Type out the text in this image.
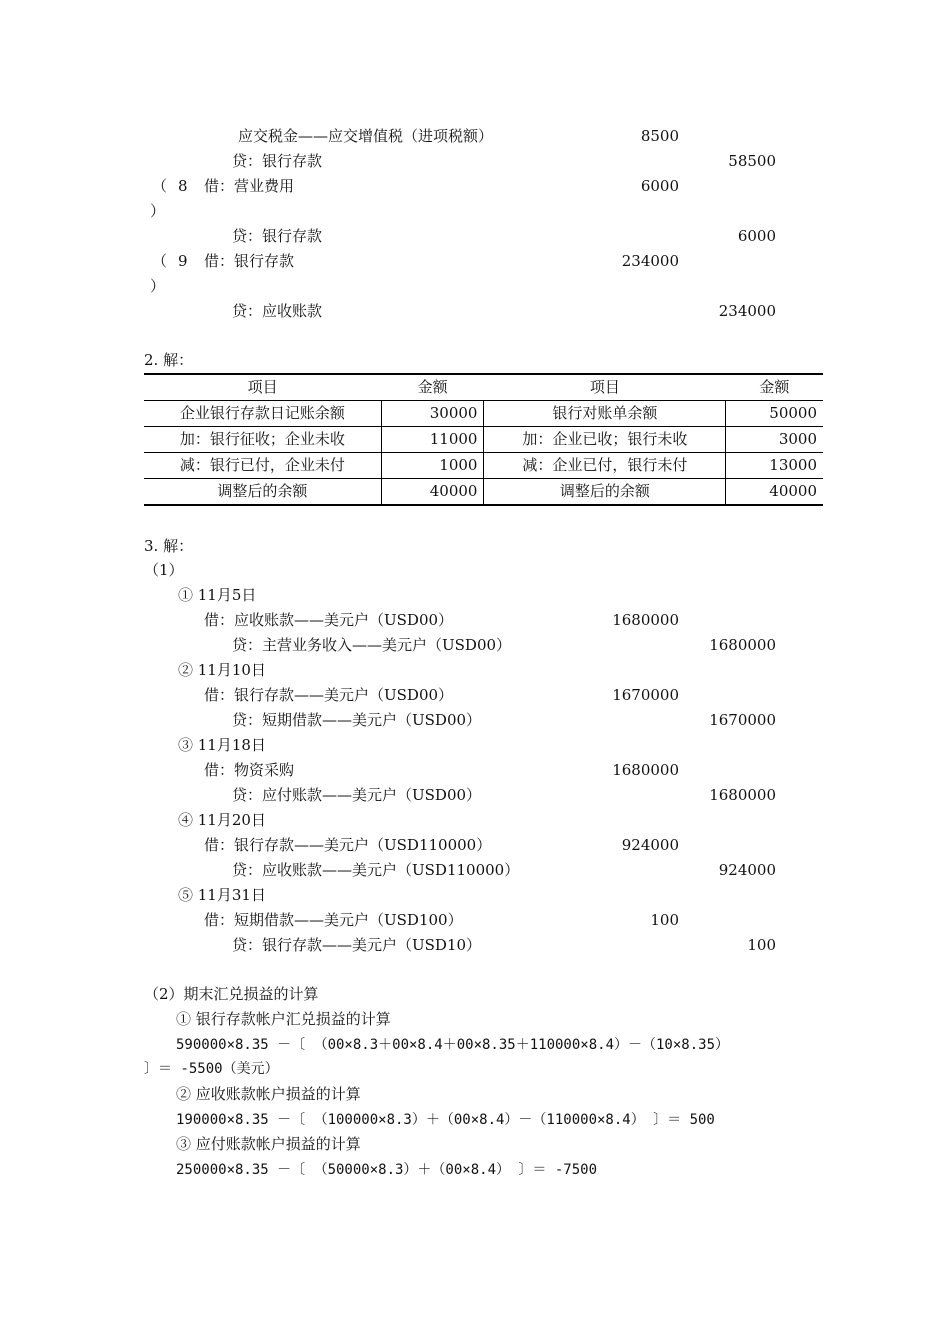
应交税金——应交增值税（进项税额）	8500
贷：银行存款	58500
（ 8
）
借：营业费用	6000
贷：银行存款	6000
（ 9
）
借：银行存款	234000
贷：应收账款	234000
2. 解：
项目	金额	项目	金额
企业银行存款日记账余额	30000	银行对账单余额	50000
加：银行征收；企业未收	11000	加：企业已收；银行未收	3000
减：银行已付，企业未付	1000	减：企业已付，银行未付	13000
调整后的余额	40000	调整后的余额	40000
3. 解：
（1）
① 11月5日
借：应收账款——美元户（USD00）	1680000
贷：主营业务收入——美元户（USD00）	1680000
② 11月10日
借：银行存款——美元户（USD00）	1670000
贷：短期借款——美元户（USD00）	1670000
③ 11月18日
借：物资采购	1680000
贷：应付账款——美元户（USD00）	1680000
④ 11月20日
借：银行存款——美元户（USD110000）	924000
贷：应收账款——美元户（USD110000）	924000
⑤ 11月31日
借：短期借款——美元户（USD100）	100
贷：银行存款——美元户（USD10）	100
（2）期末汇兑损益的计算
① 银行存款帐户汇兑损益的计算
590000×8.35 －〔 （00×8.3＋00×8.4＋00×8.35＋110000×8.4）－（10×8.35）
〕＝ -5500（美元）
② 应收账款帐户损益的计算
190000×8.35 －〔 （100000×8.3）＋（00×8.4）－（110000×8.4） 〕＝ 500
③ 应付账款帐户损益的计算
250000×8.35 －〔 （50000×8.3）＋（00×8.4） 〕＝ -7500
